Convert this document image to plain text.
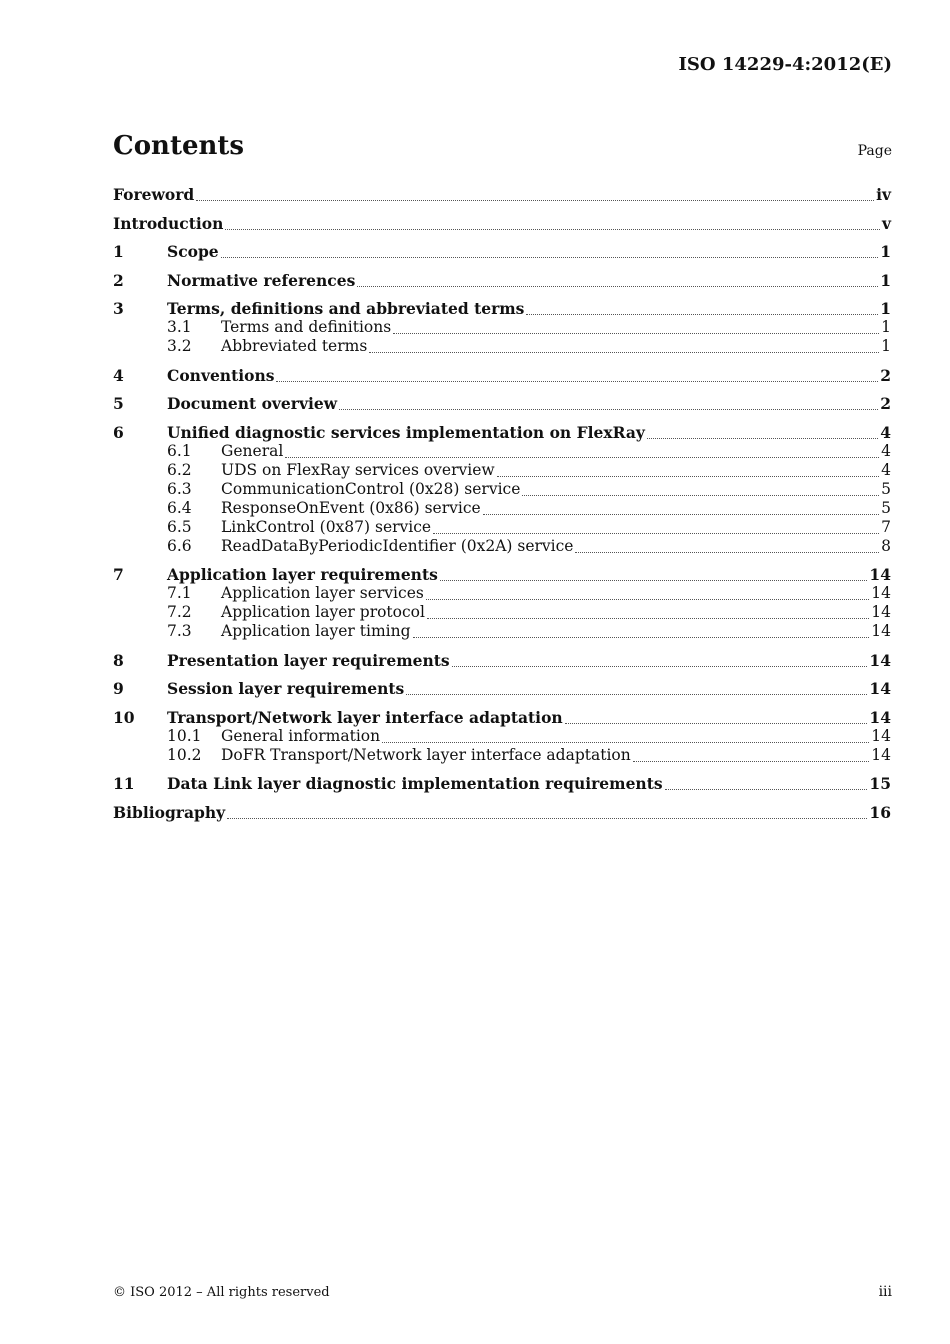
ISO 14229-4:2012(E)
Contents	Page
Foreword	iv
Introduction	v
1	Scope	1
2	Normative references	1
3	Terms, definitions and abbreviated terms	1
3.1	Terms and definitions	1
3.2	Abbreviated terms	1
4	Conventions	2
5	Document overview	2
6	Unified diagnostic services implementation on FlexRay	4
6.1	General	4
6.2	UDS on FlexRay services overview	4
6.3	CommunicationControl (0x28) service	5
6.4	ResponseOnEvent (0x86) service	5
6.5	LinkControl (0x87) service	7
6.6	ReadDataByPeriodicIdentifier (0x2A) service	8
7	Application layer requirements	14
7.1	Application layer services	14
7.2	Application layer protocol	14
7.3	Application layer timing	14
8	Presentation layer requirements	14
9	Session layer requirements	14
10	Transport/Network layer interface adaptation	14
10.1	General information	14
10.2	DoFR Transport/Network layer interface adaptation	14
11	Data Link layer diagnostic implementation requirements	15
Bibliography	16
© ISO 2012 – All rights reserved	iii
